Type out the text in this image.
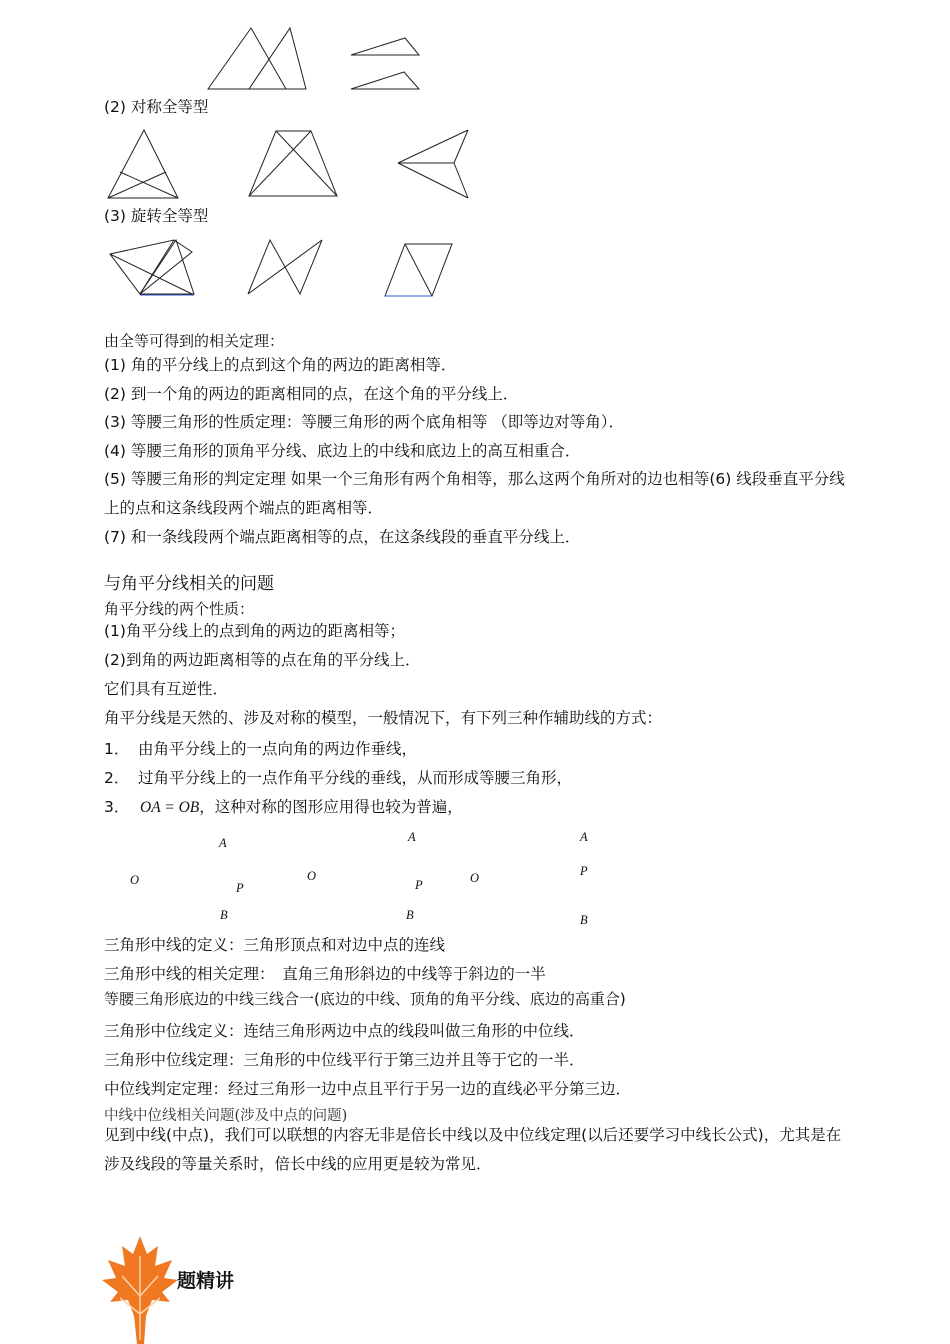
(2) 对称全等型
(3) 旋转全等型
由全等可得到的相关定理：
(1) 角的平分线上的点到这个角的两边的距离相等．
(2) 到一个角的两边的距离相同的点，在这个角的平分线上．
(3) 等腰三角形的性质定理：等腰三角形的两个底角相等 （即等边对等角）．
(4) 等腰三角形的顶角平分线、底边上的中线和底边上的高互相重合．
(5) 等腰三角形的判定定理 如果一个三角形有两个角相等，那么这两个角所对的边也相等(6) 线段垂直平分线上的点和这条线段两个端点的距离相等．
(7) 和一条线段两个端点距离相等的点，在这条线段的垂直平分线上．
与角平分线相关的问题
角平分线的两个性质：
(1)角平分线上的点到角的两边的距离相等；
(2)到角的两边距离相等的点在角的平分线上．
它们具有互逆性．
角平分线是天然的、涉及对称的模型，一般情况下，有下列三种作辅助线的方式：
1． 由角平分线上的一点向角的两边作垂线，
2． 过角平分线上的一点作角平分线的垂线，从而形成等腰三角形，
3． OA = OB，这种对称的图形应用得也较为普遍，
A
O
P
B
A
O
P
B
A
O	P
B
三角形中线的定义：三角形顶点和对边中点的连线
三角形中线的相关定理：　直角三角形斜边的中线等于斜边的一半
等腰三角形底边的中线三线合一(底边的中线、顶角的角平分线、底边的高重合)
三角形中位线定义：连结三角形两边中点的线段叫做三角形的中位线．
三角形中位线定理：三角形的中位线平行于第三边并且等于它的一半．
中位线判定定理：经过三角形一边中点且平行于另一边的直线必平分第三边．
中线中位线相关问题(涉及中点的问题)
见到中线(中点)，我们可以联想的内容无非是倍长中线以及中位线定理(以后还要学习中线长公式)，尤其是在涉及线段的等量关系时，倍长中线的应用更是较为常见．
题精讲
